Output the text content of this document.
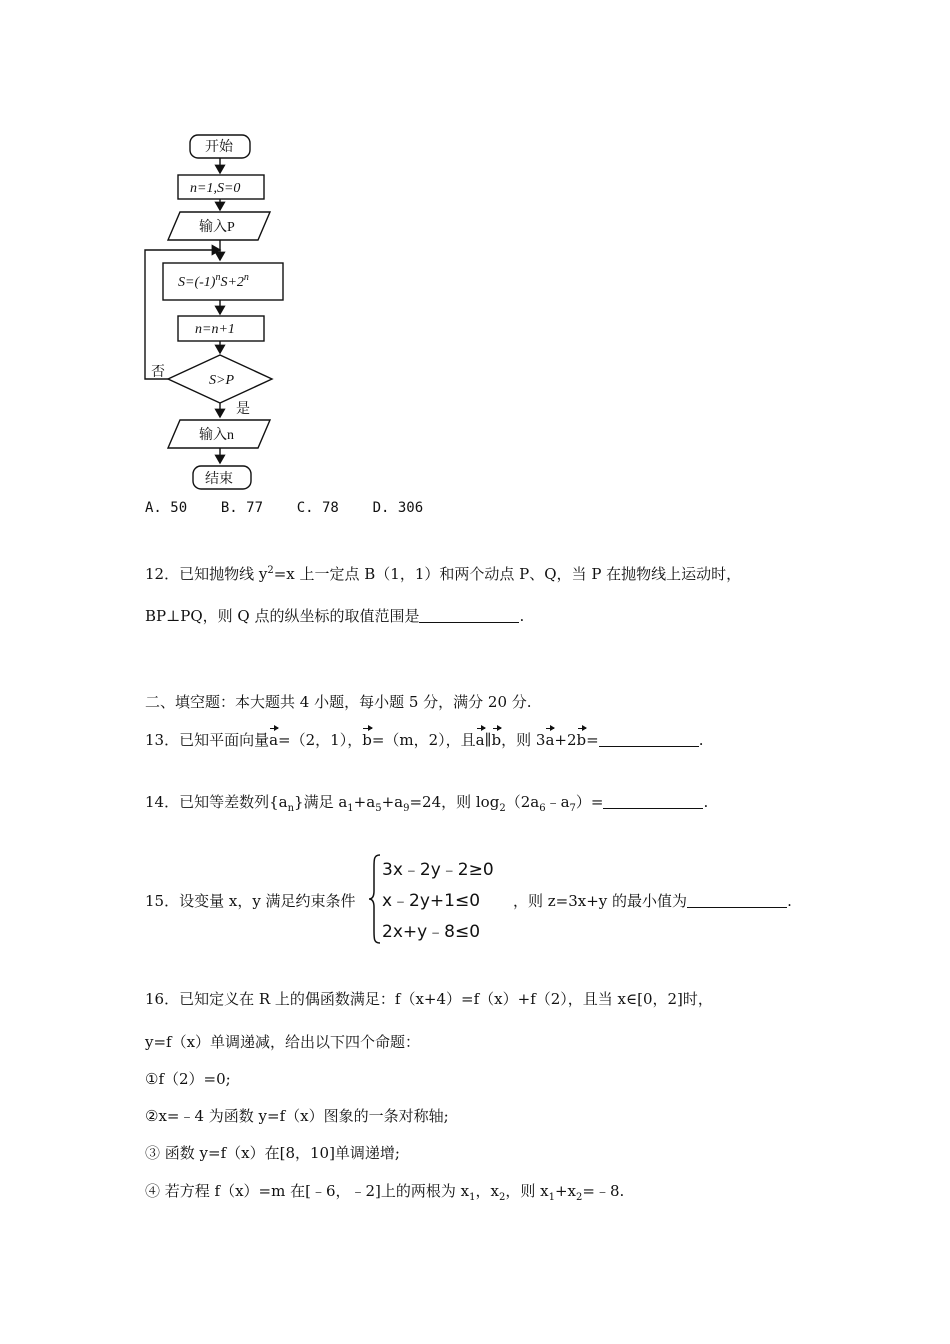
开始
n=1,S=0
输入P
$S=(-1)^nS+2^n$
n=n+1
S>P
否
是
输入n
结束
A. 50    B. 77    C. 78    D. 306
12．已知抛物线 $y^2=x$ 上一定点 B（1，1）和两个动点 P、Q，当 P 在抛物线上运动时，
BP⊥PQ，则 Q 点的纵坐标的取值范围是	.
二、填空题：本大题共 4 小题，每小题 5 分，满分 20 分.
13．已知平面向量a=（2，1），b=（m，2），且a∥b，则 3a+2b=	.
14．已知等差数列$\{a_n\}$满足 $a_1+a_5+a_9=24$，则 $\log_2(2a_6﹣a_7)=$	.
15．设变量 x，y 满足约束条件
3x﹣2y﹣2≥0
x﹣2y+1≤0
2x+y﹣8≤0
，则 z=3x+y 的最小值为	.
16．已知定义在 R 上的偶函数满足：f（x+4）=f（x）+f（2），且当 x∈[0，2]时，
y=f（x）单调递减，给出以下四个命题：
①f（2）=0;
②x=﹣4 为函数 y=f（x）图象的一条对称轴;
③ 函数 y=f（x）在[8，10]单调递增;
④ 若方程 f（x）=m 在[﹣6，﹣2]上的两根为 $x_1$，$x_2$，则 $x_1+x_2=﹣8$.
